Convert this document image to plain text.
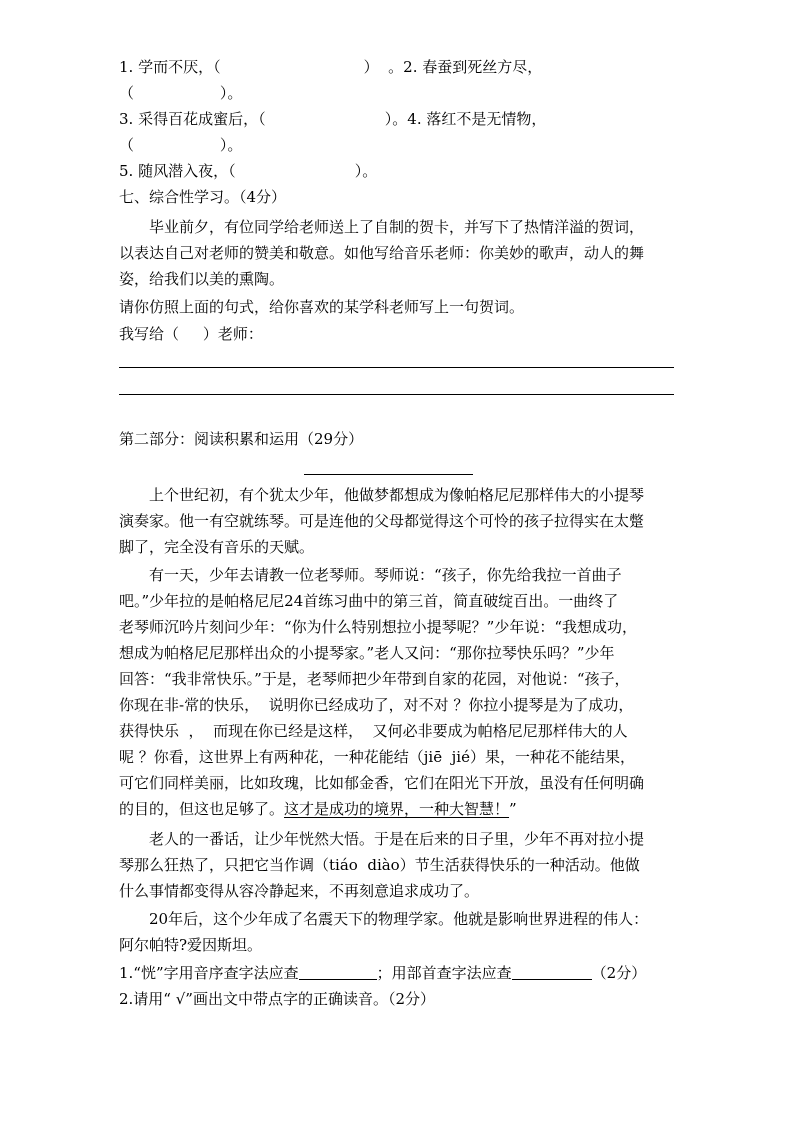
1. 学而不厌，（                              ）  。2. 春蚕到死丝方尽，
（                  ）。
3. 采得百花成蜜后，（                         ）。4. 落红不是无情物，
（                  ）。
5. 随风潜入夜，（                         ）。
七、综合性学习。（4分）
毕业前夕，有位同学给老师送上了自制的贺卡，并写下了热情洋溢的贺词，
以表达自己对老师的赞美和敬意。如他写给音乐老师：你美妙的歌声，动人的舞
姿，给我们以美的熏陶。
请你仿照上面的句式，给你喜欢的某学科老师写上一句贺词。
我写给（     ）老师：
第二部分：阅读积累和运用（29分）
上个世纪初，有个犹太少年，他做梦都想成为像帕格尼尼那样伟大的小提琴
演奏家。他一有空就练琴。可是连他的父母都觉得这个可怜的孩子拉得实在太蹩
脚了，完全没有音乐的天赋。
有一天，少年去请教一位老琴师。琴师说：“孩子，你先给我拉一首曲子
吧。”少年拉的是帕格尼尼24首练习曲中的第三首，简直破绽百出。一曲终了
老琴师沉吟片刻问少年：“你为什么特别想拉小提琴呢？”少年说：“我想成功，
想成为帕格尼尼那样出众的小提琴家。”老人又问：“那你拉琴快乐吗？”少年
回答：“我非常快乐。”于是，老琴师把少年带到自家的花园，对他说：“孩子，
你现在非-常的快乐，  说明你已经成功了，对不对 ？你拉小提琴是为了成功，
获得快乐  ，  而现在你已经是这样，  又何必非要成为帕格尼尼那样伟大的人
呢 ？你看，这世界上有两种花，一种花能结（jiē  jié）果，一种花不能结果，
可它们同样美丽，比如玫瑰，比如郁金香，它们在阳光下开放，虽没有任何明确
的目的，但这也足够了。这才是成功的境界，一种大智慧！”
老人的一番话，让少年恍然大悟。于是在后来的日子里，少年不再对拉小提
琴那么狂热了，只把它当作调（tiáo  diào）节生活获得快乐的一种活动。他做
什么事情都变得从容冷静起来，不再刻意追求成功了。
20年后，这个少年成了名震天下的物理学家。他就是影响世界进程的伟人：
阿尔帕特?爱因斯坦。
1.“恍”字用音序查字法应查	；用部首查字法应查	（2分）
2.请用“ √”画出文中带点字的正确读音。（2分）
